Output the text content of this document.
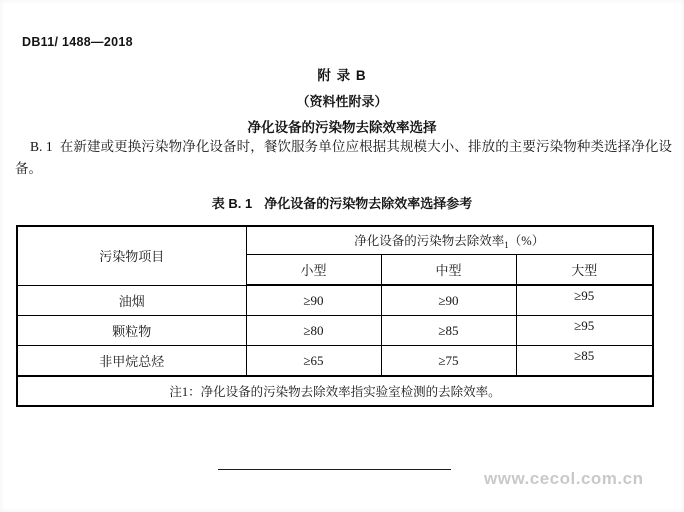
DB11/ 1488—2018
附 录 B
（资料性附录）
净化设备的污染物去除效率选择

B. 1 在新建或更换污染物净化设备时，餐饮服务单位应根据其规模大小、排放的主要污染物种类选择净化设备。

表 B. 1 净化设备的污染物去除效率选择参考
污染物项目	净化设备的污染物去除效率$_1$（%）		
	小型	中型	大型
油烟	≥90	≥90	≥95
颗粒物	≥80	≥85	≥95
非甲烷总烃	≥65	≥75	≥85
注1：净化设备的污染物去除效率指实验室检测的去除效率。			
www.cecol.com.cn
